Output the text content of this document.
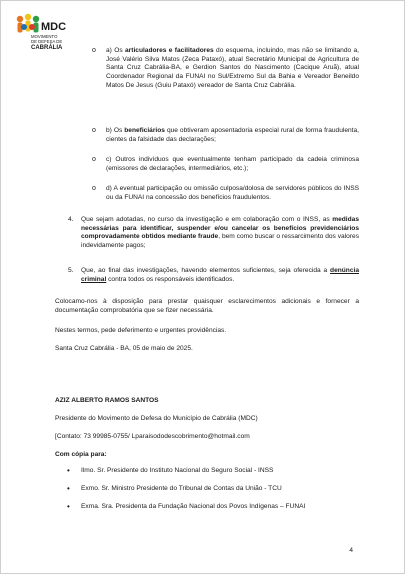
MDC
MOVIMENTO
DE DEFESA DE
CABRÁLIA	o a) Os articuladores e facilitadores do esquema, incluindo, mas não se limitando a, José Valério Silva Matos (Zeca Pataxó), atual Secretário Municipal de Agricultura de Santa Cruz Cabrália-BA, e Gerdion Santos do Nascimento (Cacique Aruã), atual Coordenador Regional da FUNAI no Sul/Extremo Sul da Bahia e Vereador Beneildo Matos De Jesus (Guiu Pataxó) vereador de Santa Cruz Cabrália.
o b) Os beneficiários que obtiveram aposentadoria especial rural de forma fraudulenta, cientes da falsidade das declarações;
o c) Outros indivíduos que eventualmente tenham participado da cadeia criminosa (emissores de declarações, intermediários, etc.);
o d) A eventual participação ou omissão culposa/dolosa de servidores públicos do INSS ou da FUNAI na concessão dos benefícios fraudulentos.
4. Que sejam adotadas, no curso da investigação e em colaboração com o INSS, as medidas necessárias para identificar, suspender e/ou cancelar os benefícios previdenciários comprovadamente obtidos mediante fraude, bem como buscar o ressarcimento dos valores indevidamente pagos;
5. Que, ao final das investigações, havendo elementos suficientes, seja oferecida a denúncia criminal contra todos os responsáveis identificados.
Colocamo-nos à disposição para prestar quaisquer esclarecimentos adicionais e fornecer a documentação comprobatória que se fizer necessária.
Nestes termos, pede deferimento e urgentes providências.
Santa Cruz Cabrália - BA, 05 de maio de 2025.
AZIZ ALBERTO RAMOS SANTOS
Presidente do Movimento de Defesa do Município de Cabrália (MDC)
[Contato: 73 99985-0755/ Lparaisododescobrimento@hotmail.com
Com cópia para:
• Ilmo. Sr. Presidente do Instituto Nacional do Seguro Social - INSS
• Exmo. Sr. Ministro Presidente do Tribunal de Contas da União - TCU
• Exma. Sra. Presidenta da Fundação Nacional dos Povos Indígenas – FUNAI
4
